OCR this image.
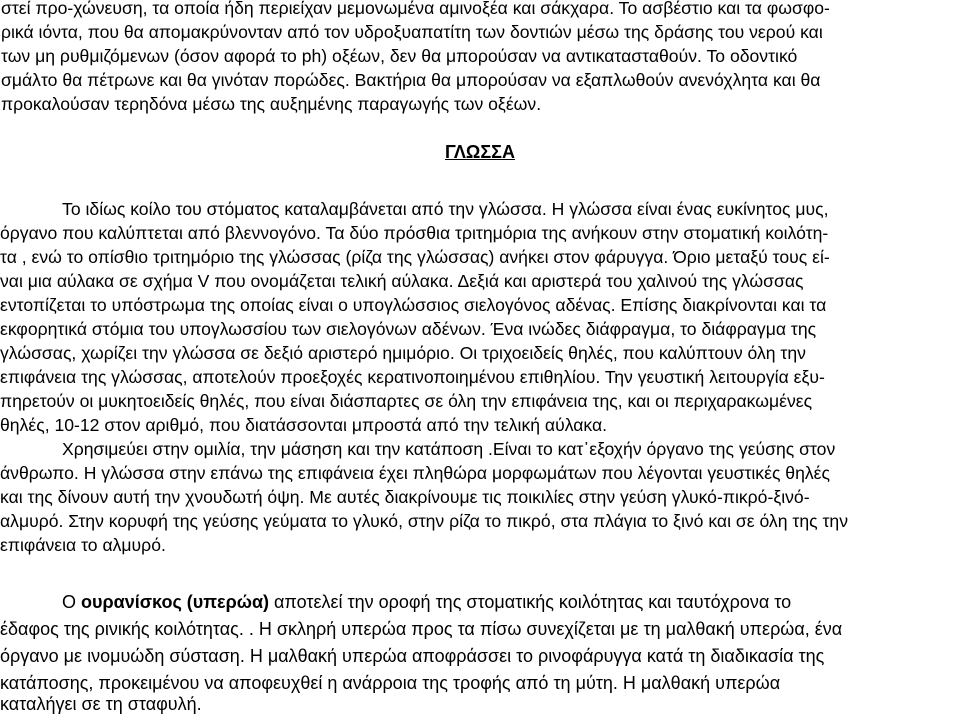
στεί προ-χώνευση, τα οποία ήδη περιείχαν μεμονωμένα αμινοξέα και σάκχαρα. Το ασβέστιο και τα φωσφο-
ρικά ιόντα, που θα απομακρύνονταν από τον υδροξυαπατίτη των δοντιών μέσω της δράσης του νερού και
των μη ρυθμιζόμενων (όσον αφορά το ph) οξέων, δεν θα μπορούσαν να αντικατασταθούν. Το οδοντικό
σμάλτο θα πέτρωνε και θα γινόταν πορώδες. Βακτήρια θα μπορούσαν να εξαπλωθούν ανενόχλητα και θα
προκαλούσαν τερηδόνα μέσω της αυξημένης παραγωγής των οξέων.
ΓΛΩΣΣΑ
Το ιδίως κοίλο του στόματος καταλαμβάνεται από την γλώσσα. Η γλώσσα είναι ένας ευκίνητος μυς,
όργανο που καλύπτεται από βλεννογόνο. Τα δύο πρόσθια τριτημόρια της ανήκουν στην στοματική κοιλότη-
τα , ενώ το οπίσθιο τριτημόριο της γλώσσας (ρίζα της γλώσσας) ανήκει στον φάρυγγα. Όριο μεταξύ τους εί-
ναι μια αύλακα σε σχήμα V που ονομάζεται τελική αύλακα. Δεξιά και αριστερά του χαλινού της γλώσσας
εντοπίζεται το υπόστρωμα της οποίας είναι ο υπογλώσσιος σιελογόνος αδένας. Επίσης διακρίνονται και τα
εκφορητικά στόμια του υπογλωσσίου των σιελογόνων αδένων. Ένα ινώδες διάφραγμα, το διάφραγμα της
γλώσσας, χωρίζει την γλώσσα σε δεξιό αριστερό ημιμόριο. Οι τριχοειδείς θηλές, που καλύπτουν όλη την
επιφάνεια της γλώσσας, αποτελούν προεξοχές κερατινοποιημένου επιθηλίου. Την γευστική λειτουργία εξυ-
πηρετούν οι μυκητοειδείς θηλές, που είναι διάσπαρτες σε όλη την επιφάνεια της, και οι περιχαρακωμένες
θηλές, 10-12 στον αριθμό, που διατάσσονται μπροστά από την τελική αύλακα.
Χρησιμεύει στην ομιλία, την μάσηση και την κατάποση .Είναι το κατ᾽εξοχήν όργανο της γεύσης στον
άνθρωπο. Η γλώσσα στην επάνω της επιφάνεια έχει πληθώρα μορφωμάτων που λέγονται γευστικές θηλές
και της δίνουν αυτή την χνουδωτή όψη. Με αυτές διακρίνουμε τις ποικιλίες στην γεύση γλυκό-πικρό-ξινό-
αλμυρό. Στην κορυφή της γεύσης γεύματα το γλυκό, στην ρίζα το πικρό, στα πλάγια το ξινό και σε όλη της την
επιφάνεια το αλμυρό.
Ο ουρανίσκος (υπερώα) αποτελεί την οροφή της στοματικής κοιλότητας και ταυτόχρονα το
έδαφος της ρινικής κοιλότητας. . Η σκληρή υπερώα προς τα πίσω συνεχίζεται με τη μαλθακή υπερώα, ένα
όργανο με ινομυώδη σύσταση. Η μαλθακή υπερώα αποφράσσει το ρινοφάρυγγα κατά τη διαδικασία της
κατάποσης, προκειμένου να αποφευχθεί η ανάρροια της τροφής από τη μύτη. Η μαλθακή υπερώα
καταλήγει σε τη σταφυλή.
